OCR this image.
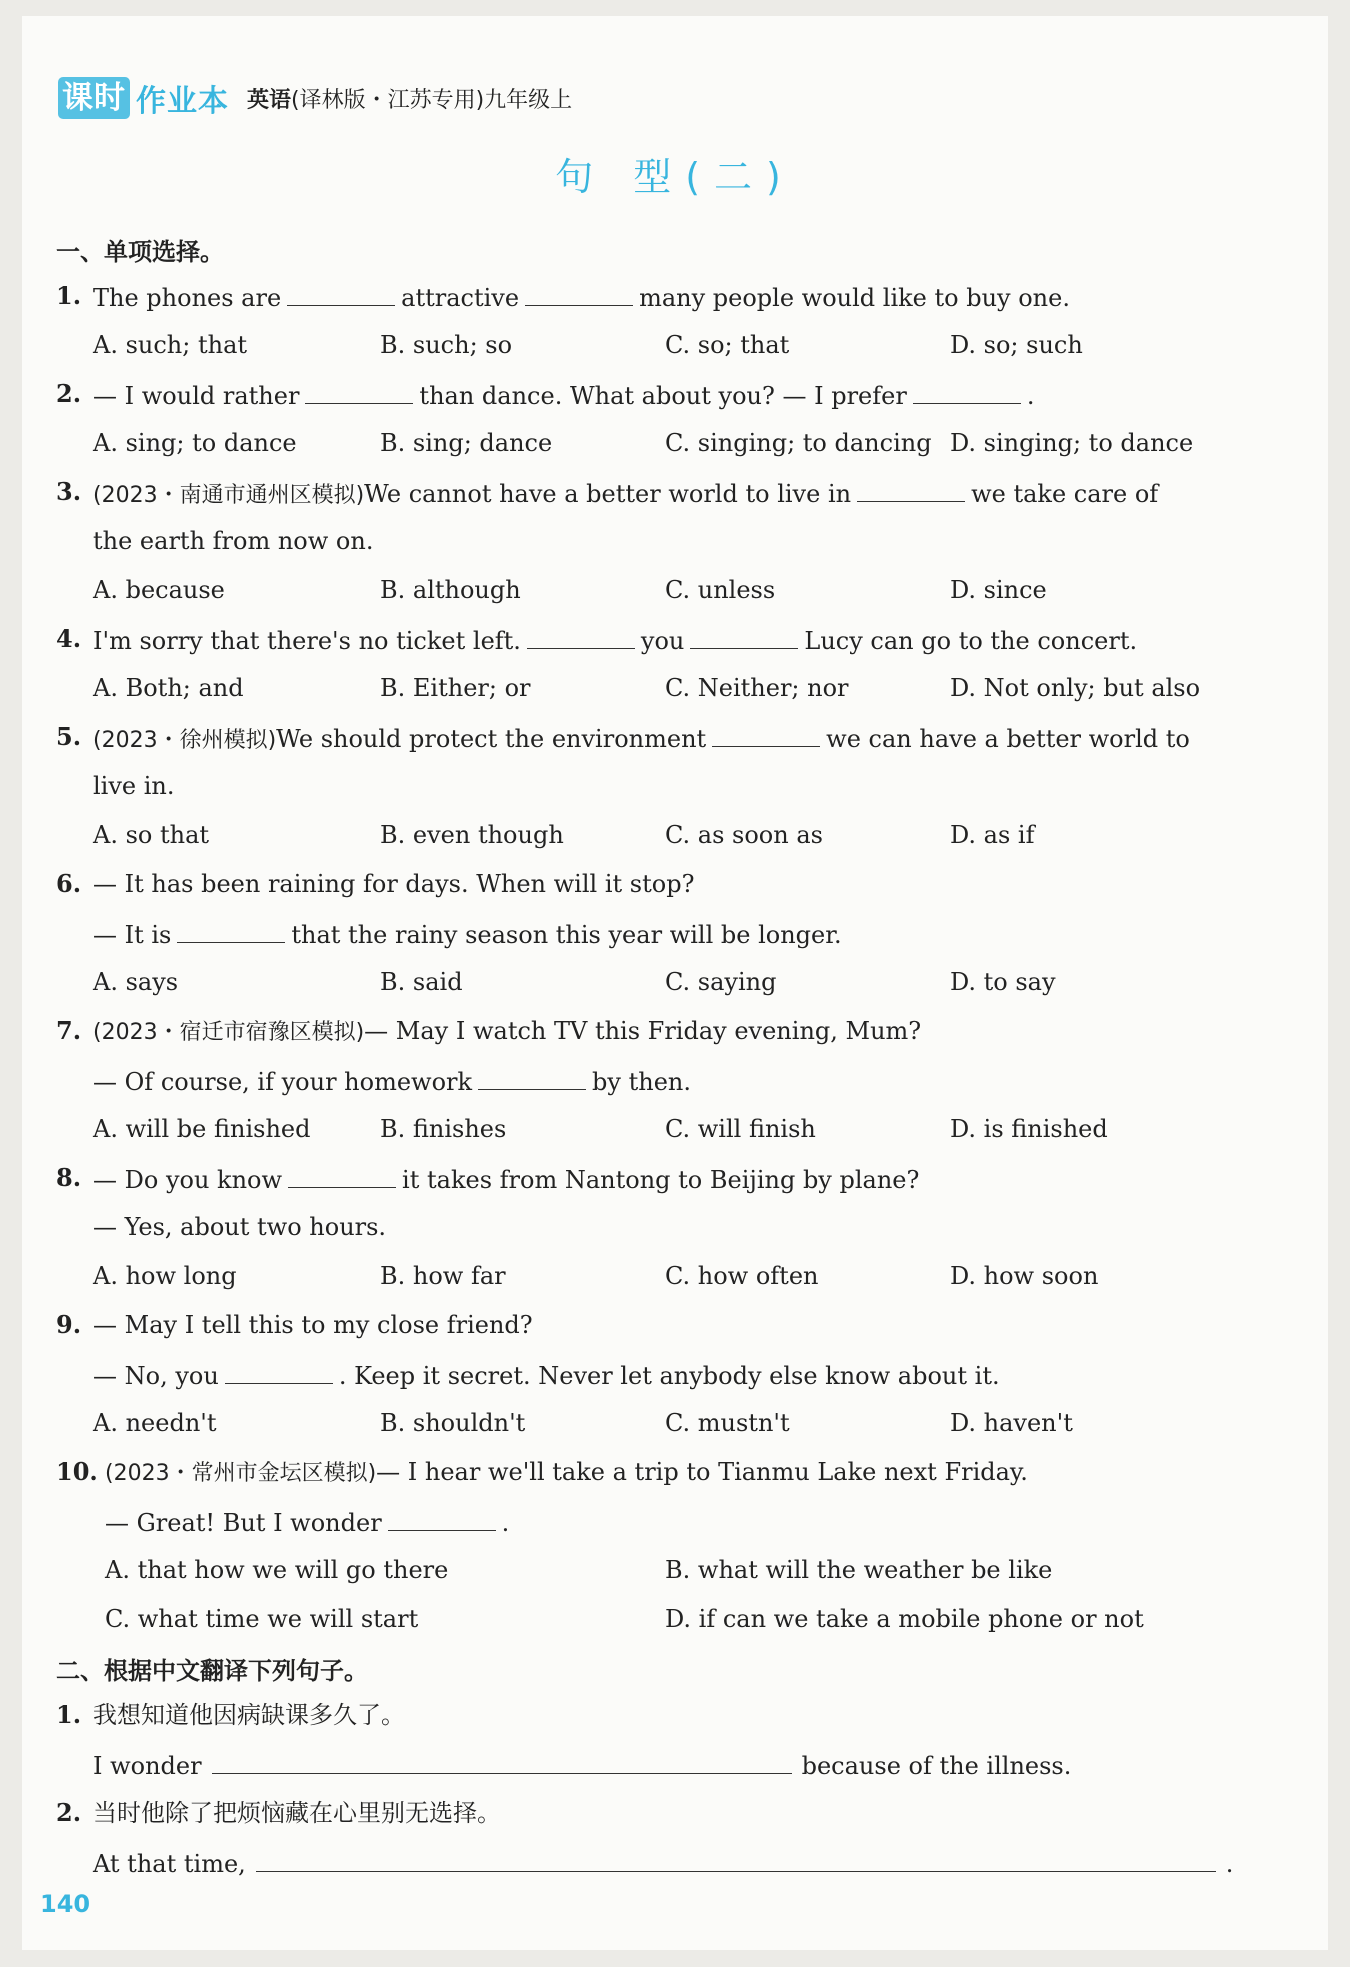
课时 作业本 英语(译林版・江苏专用)九年级上
句 型(二)
一、单项选择。
1. The phones are	attractive	many people would like to buy one.
A. such; that	B. such; so	C. so; that	D. so; such
2. — I would rather	than dance. What about you? — I prefer	.
A. sing; to dance	B. sing; dance	C. singing; to dancing D. singing; to dance
3. (2023・南通市通州区模拟)We cannot have a better world to live in	we take care of
the earth from now on.
A. because	B. although	C. unless	D. since
4. I'm sorry that there's no ticket left.	you	Lucy can go to the concert.
A. Both; and	B. Either; or	C. Neither; nor	D. Not only; but also
5. (2023・徐州模拟)We should protect the environment	we can have a better world to
live in.
A. so that	B. even though	C. as soon as	D. as if
6. — It has been raining for days. When will it stop?
— It is	that the rainy season this year will be longer.
A. says	B. said	C. saying	D. to say
7. (2023・宿迁市宿豫区模拟)— May I watch TV this Friday evening, Mum?
— Of course, if your homework	by then.
A. will be finished	B. finishes	C. will finish	D. is finished
8. — Do you know	it takes from Nantong to Beijing by plane?
— Yes, about two hours.
A. how long	B. how far	C. how often	D. how soon
9. — May I tell this to my close friend?
— No, you	. Keep it secret. Never let anybody else know about it.
A. needn't	B. shouldn't	C. mustn't	D. haven't
10. (2023・常州市金坛区模拟)— I hear we'll take a trip to Tianmu Lake next Friday.
— Great! But I wonder	.
A. that how we will go there	B. what will the weather be like
C. what time we will start	D. if can we take a mobile phone or not
二、根据中文翻译下列句子。
1. 我想知道他因病缺课多久了。
I wonder	because of the illness.
2. 当时他除了把烦恼藏在心里别无选择。
At that time,	.
140
